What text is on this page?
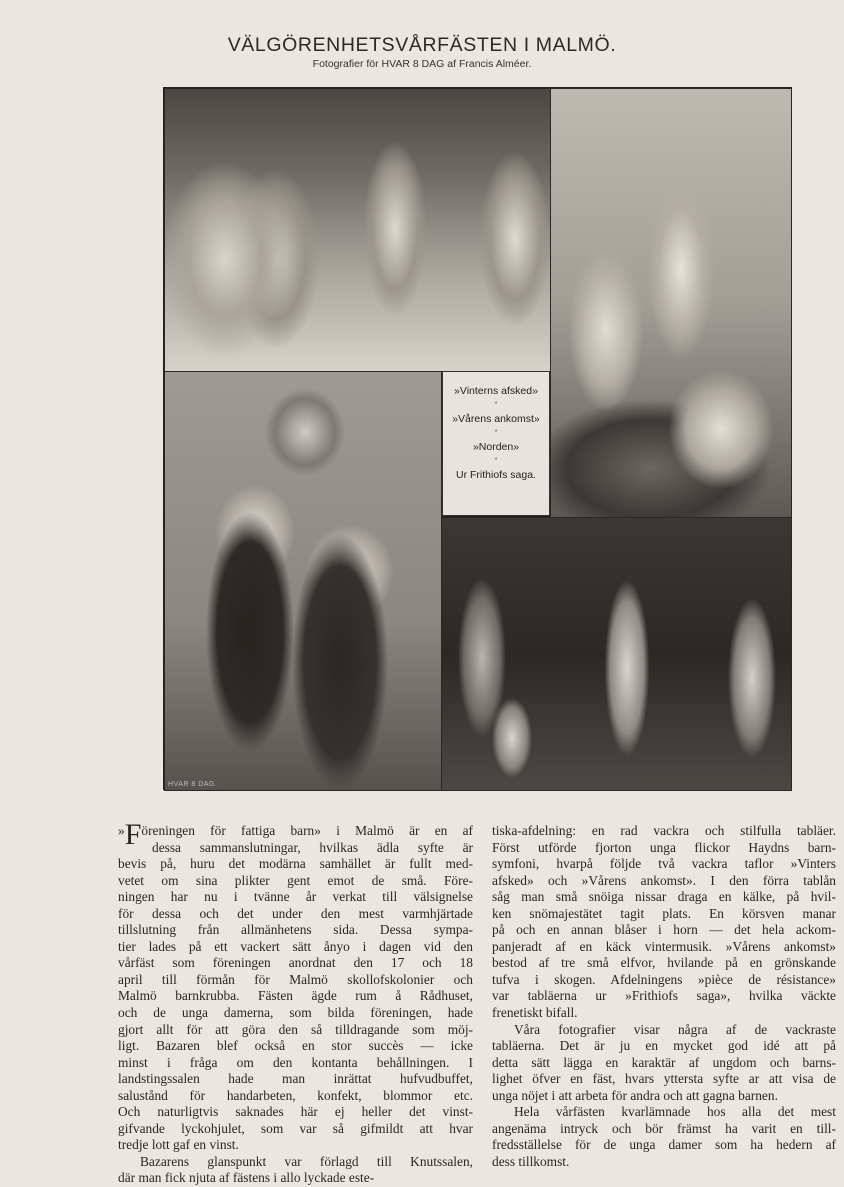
VÄLGÖRENHETSVÅRFÄSTEN I MALMÖ.
Fotografier för HVAR 8 DAG af Francis Alméer.
HVAR 8 DAG.
»Vinterns afsked»
*
»Vårens ankomst»
*
»Norden»
*
Ur Frithiofs saga.
»Föreningen för fattiga barn» i Malmö är en af
dessa sammanslutningar, hvilkas ädla syfte är
bevis på, huru det modärna samhället är fullt med-
vetet om sina plikter gent emot de små. Före-
ningen har nu i tvänne år verkat till välsignelse
för dessa och det under den mest varmhjärtade
tillslutning från allmänhetens sida. Dessa sympa-
tier lades på ett vackert sätt ånyo i dagen vid den
vårfäst som föreningen anordnat den 17 och 18
april till förmån för Malmö skollofskolonier och
Malmö barnkrubba. Fästen ägde rum å Rådhuset,
och de unga damerna, som bilda föreningen, hade
gjort allt för att göra den så tilldragande som möj-
ligt. Bazaren blef också en stor succès — icke
minst i fråga om den kontanta behållningen. I
landstingssalen hade man inrättat hufvudbuffet,
salustånd för handarbeten, konfekt, blommor etc.
Och naturligtvis saknades här ej heller det vinst-
gifvande lyckohjulet, som var så gifmildt att hvar
tredje lott gaf en vinst.
Bazarens glanspunkt var förlagd till Knutssalen,
där man fick njuta af fästens i allo lyckade este-
tiska-afdelning: en rad vackra och stilfulla tabläer.
Först utförde fjorton unga flickor Haydns barn-
symfoni, hvarpå följde två vackra taflor »Vinters
afsked» och »Vårens ankomst». I den förra tablån
såg man små snöiga nissar draga en kälke, på hvil-
ken snömajestätet tagit plats. En körsven manar
på och en annan blåser i horn — det hela ackom-
panjeradt af en käck vintermusik. »Vårens ankomst»
bestod af tre små elfvor, hvilande på en grönskande
tufva i skogen. Afdelningens »pièce de résistance»
var tabläerna ur »Frithiofs saga», hvilka väckte
frenetiskt bifall.
Våra fotografier visar några af de vackraste
tabläerna. Det är ju en mycket god idé att på
detta sätt lägga en karaktär af ungdom och barns-
lighet öfver en fäst, hvars yttersta syfte ar att visa de
unga nöjet i att arbeta för andra och att gagna barnen.
Hela vårfästen kvarlämnade hos alla det mest
angenäma intryck och bör främst ha varit en till-
fredsställelse för de unga damer som ha hedern af
dess tillkomst.
